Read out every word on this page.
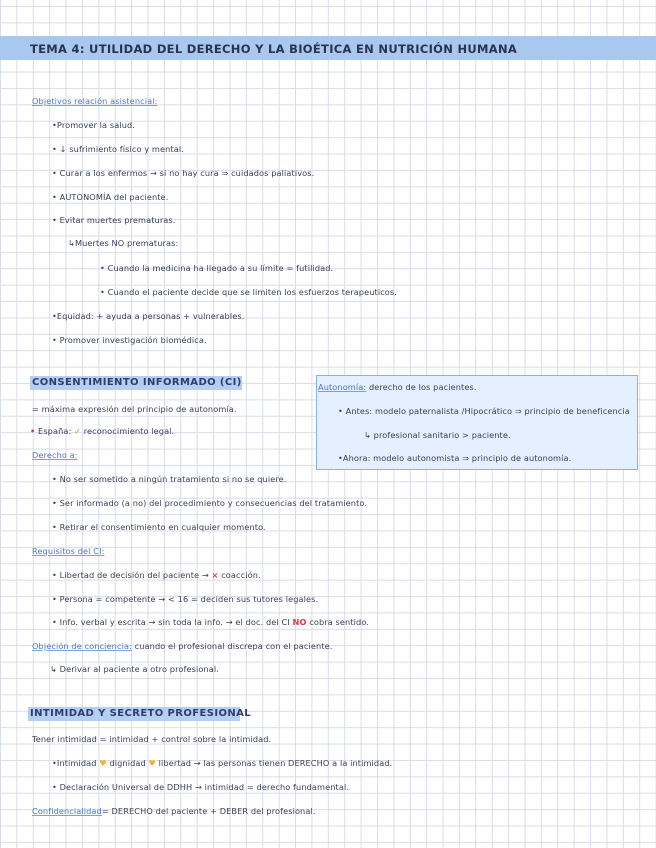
TEMA 4: UTILIDAD DEL DERECHO Y LA BIOÉTICA EN NUTRICIÓN HUMANA
Objetivos relación asistencial:
•Promover la salud.
• ↓ sufrimiento físico y mental.
• Curar a los enfermos → si no hay cura ⇒ cuidados paliativos.
• AUTONOMÍA del paciente.
• Evitar muertes prematuras.
↳Muertes NO prematuras:
• Cuando la medicina ha llegado a su límite = futilidad.
• Cuando el paciente decide que se limiten los esfuerzos terapeuticos.
•Equidad: + ayuda a personas + vulnerables.
• Promover investigación biomédica.
CONSENTIMIENTO INFORMADO (CI)
= máxima expresión del principio de autonomía.
• España: ✓ reconocimiento legal.
Derecho a:
• No ser sometido a ningún tratamiento si no se quiere.
• Ser informado (a no) del procedimiento y consecuencias del tratamiento.
• Retirar el consentimiento en cualquier momento.
Requisitos del CI:
• Libertad de decisión del paciente → × coacción.
• Persona = competente → < 16 = deciden sus tutores legales.
• Info. verbal y escrita → sin toda la info. → el doc. del CI NO cobra sentido.
Objeción de conciencia: cuando el profesional discrepa con el paciente.
↳ Derivar al paciente a otro profesional.
Autonomía: derecho de los pacientes.
• Antes: modelo paternalista /Hipocrático ⇒ principio de beneficencia
↳ profesional sanitario > paciente.
•Ahora: modelo autonomista ⇒ principio de autonomía.
INTIMIDAD Y SECRETO PROFESIONAL
Tener intimidad = intimidad + control sobre la intimidad.
•Intimidad ♥ dignidad ♥ libertad → las personas tienen DERECHO a la intimidad.
• Declaración Universal de DDHH → intimidad = derecho fundamental.
Confidencialidad= DERECHO del paciente + DEBER del profesional.
